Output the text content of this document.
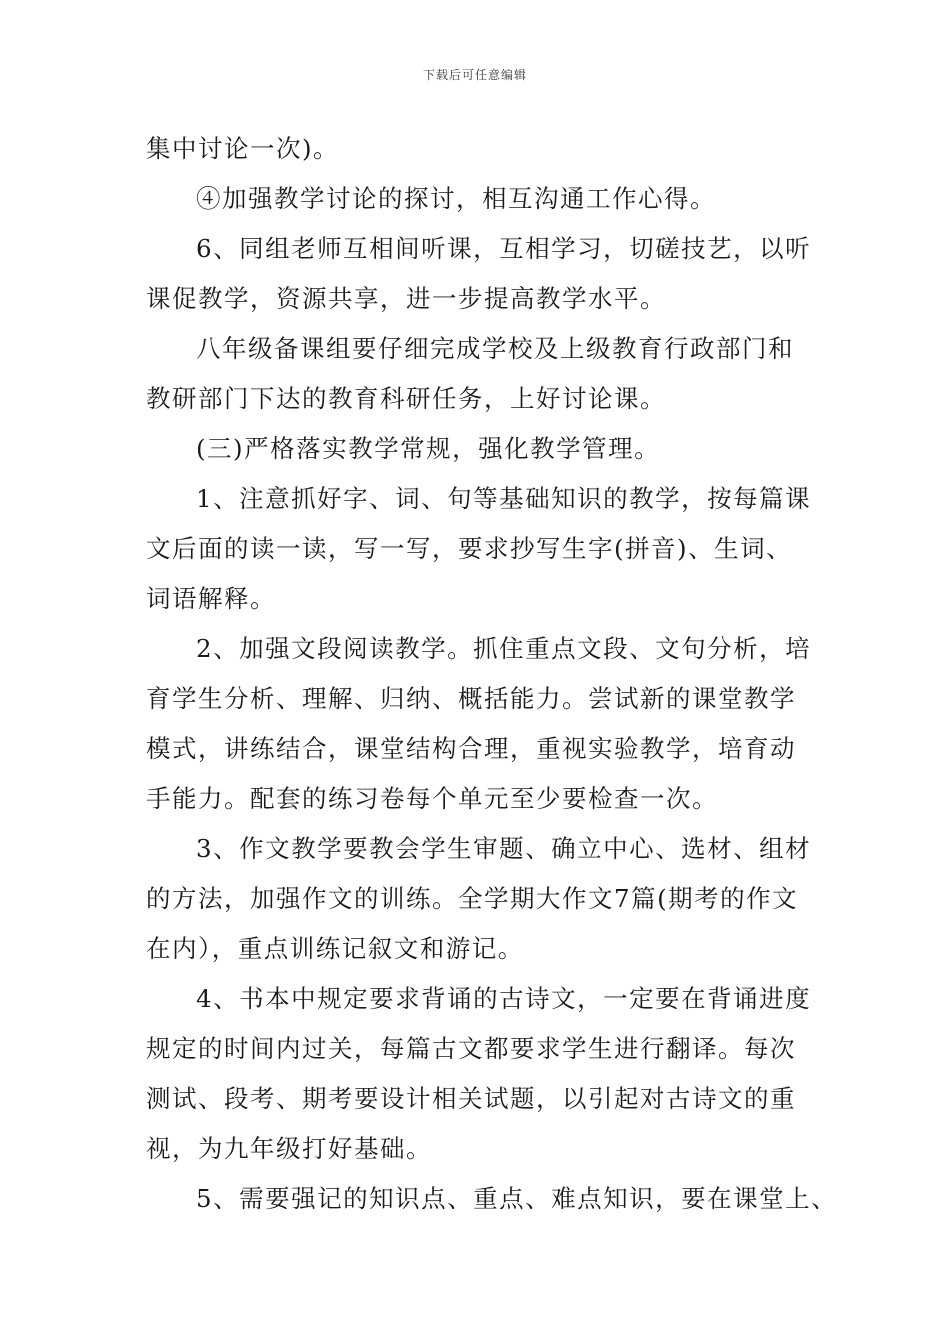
下载后可任意编辑
集中讨论一次)。
④加强教学讨论的探讨，相互沟通工作心得。
6、同组老师互相间听课，互相学习，切磋技艺，以听
课促教学，资源共享，进一步提高教学水平。
八年级备课组要仔细完成学校及上级教育行政部门和
教研部门下达的教育科研任务，上好讨论课。
(三)严格落实教学常规，强化教学管理。
1、注意抓好字、词、句等基础知识的教学，按每篇课
文后面的读一读，写一写，要求抄写生字(拼音)、生词、
词语解释。
2、加强文段阅读教学。抓住重点文段、文句分析，培
育学生分析、理解、归纳、概括能力。尝试新的课堂教学
模式，讲练结合，课堂结构合理，重视实验教学，培育动
手能力。配套的练习卷每个单元至少要检查一次。
3、作文教学要教会学生审题、确立中心、选材、组材
的方法，加强作文的训练。全学期大作文7篇(期考的作文
在内），重点训练记叙文和游记。
4、书本中规定要求背诵的古诗文，一定要在背诵进度
规定的时间内过关，每篇古文都要求学生进行翻译。每次
测试、段考、期考要设计相关试题，以引起对古诗文的重
视，为九年级打好基础。
5、需要强记的知识点、重点、难点知识，要在课堂上、
